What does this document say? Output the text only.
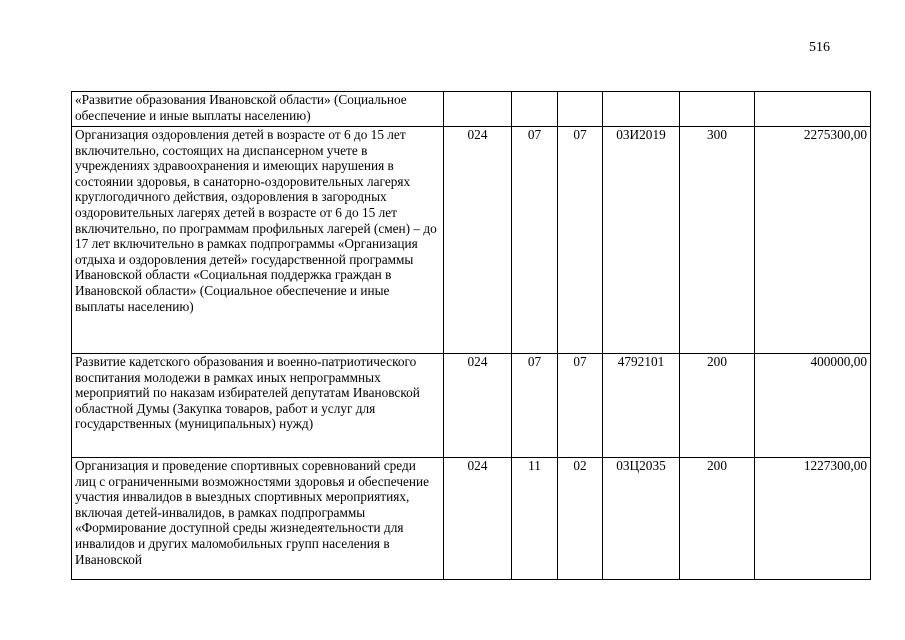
516
«Развитие образования Ивановской области» (Социальное обеспечение и иные выплаты населению)						
Организация оздоровления детей в возрасте от 6 до 15 лет включительно, состоящих на диспансерном учете в учреждениях здравоохранения и имеющих нарушения в состоянии здоровья, в санаторно-оздоровительных лагерях круглогодичного действия, оздоровления в загородных оздоровительных лагерях детей в возрасте от 6 до 15 лет включительно, по программам профильных лагерей (смен) – до 17 лет включительно в рамках подпрограммы «Организация отдыха и оздоровления детей» государственной программы Ивановской области «Социальная поддержка граждан в Ивановской области» (Социальное обеспечение и иные выплаты населению)	024	07	07	03И2019	300	2275300,00
Развитие кадетского образования и военно-патриотического воспитания молодежи в рамках иных непрограммных мероприятий по наказам избирателей депутатам Ивановской областной Думы (Закупка товаров, работ и услуг для государственных (муниципальных) нужд)	024	07	07	4792101	200	400000,00
Организация и проведение спортивных соревнований среди лиц с ограниченными возможностями здоровья и обеспечение участия инвалидов в выездных спортивных мероприятиях, включая детей-инвалидов, в рамках подпрограммы «Формирование доступной среды жизнедеятельности для инвалидов и других маломобильных групп населения в Ивановской	024	11	02	03Ц2035	200	1227300,00
